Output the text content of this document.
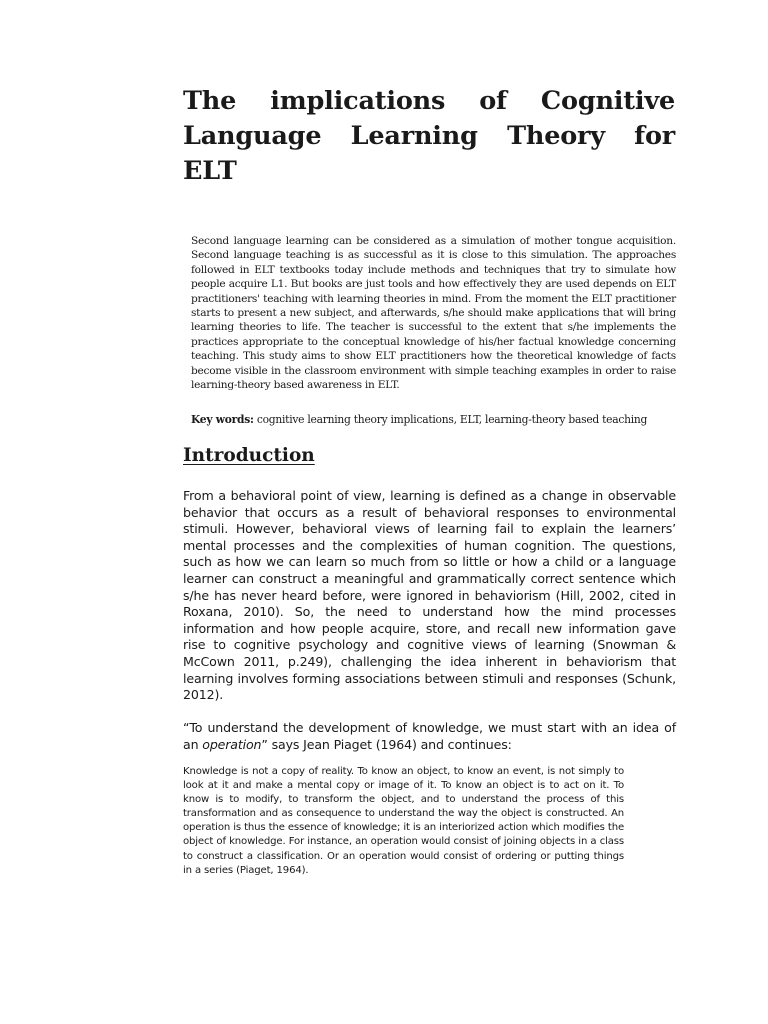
The implications of Cognitive Language Learning Theory for ELT

Second language learning can be considered as a simulation of mother tongue acquisition. Second language teaching is as successful as it is close to this simulation. The approaches followed in ELT textbooks today include methods and techniques that try to simulate how people acquire L1. But books are just tools and how effectively they are used depends on ELT practitioners' teaching with learning theories in mind. From the moment the ELT practitioner starts to present a new subject, and afterwards, s/he should make applications that will bring learning theories to life. The teacher is successful to the extent that s/he implements the practices appropriate to the conceptual knowledge of his/her factual knowledge concerning teaching. This study aims to show ELT practitioners how the theoretical knowledge of facts become visible in the classroom environment with simple teaching examples in order to raise learning-theory based awareness in ELT.

Key words: cognitive learning theory implications, ELT, learning-theory based teaching

Introduction

From a behavioral point of view, learning is defined as a change in observable behavior that occurs as a result of behavioral responses to environmental stimuli. However, behavioral views of learning fail to explain the learners’ mental processes and the complexities of human cognition. The questions, such as how we can learn so much from so little or how a child or a language learner can construct a meaningful and grammatically correct sentence which s/he has never heard before, were ignored in behaviorism (Hill, 2002, cited in Roxana, 2010). So, the need to understand how the mind processes information and how people acquire, store, and recall new information gave rise to cognitive psychology and cognitive views of learning (Snowman & McCown 2011, p.249), challenging the idea inherent in behaviorism that learning involves forming associations between stimuli and responses (Schunk, 2012).

“To understand the development of knowledge, we must start with an idea of an operation” says Jean Piaget (1964) and continues:

Knowledge is not a copy of reality. To know an object, to know an event, is not simply to look at it and make a mental copy or image of it. To know an object is to act on it. To know is to modify, to transform the object, and to understand the process of this transformation and as consequence to understand the way the object is constructed. An operation is thus the essence of knowledge; it is an interiorized action which modifies the object of knowledge. For instance, an operation would consist of joining objects in a class to construct a classification. Or an operation would consist of ordering or putting things in a series (Piaget, 1964).
